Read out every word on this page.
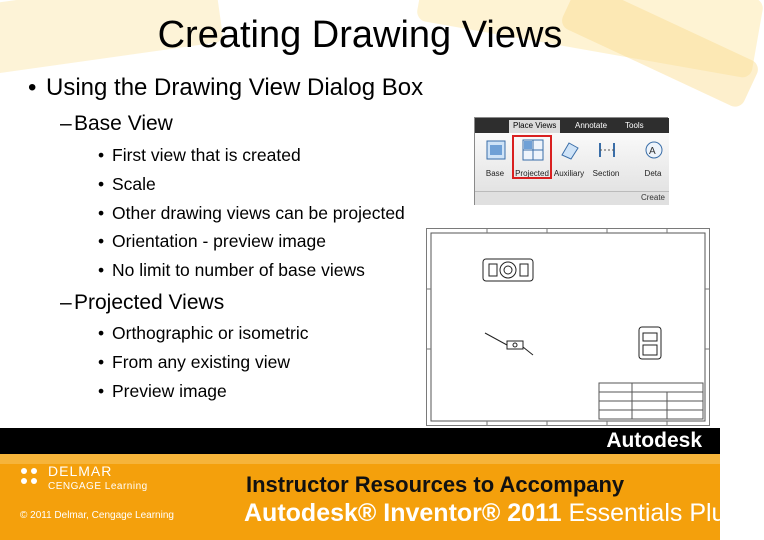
Creating Drawing Views
• Using the Drawing View Dialog Box
– Base View
• First view that is created
• Scale
• Other drawing views can be projected
• Orientation - preview image
• No limit to number of base views
– Projected Views
• Orthographic or isometric
• From any existing view
• Preview image
Place Views	Annotate	Tools
Base	Projected Auxiliary	Section
A
Deta
Create
Autodesk
DELMAR
CENGAGE Learning
© 2011 Delmar, Cengage Learning
Instructor Resources to Accompany
Autodesk® Inventor® 2011 Essentials Plus
